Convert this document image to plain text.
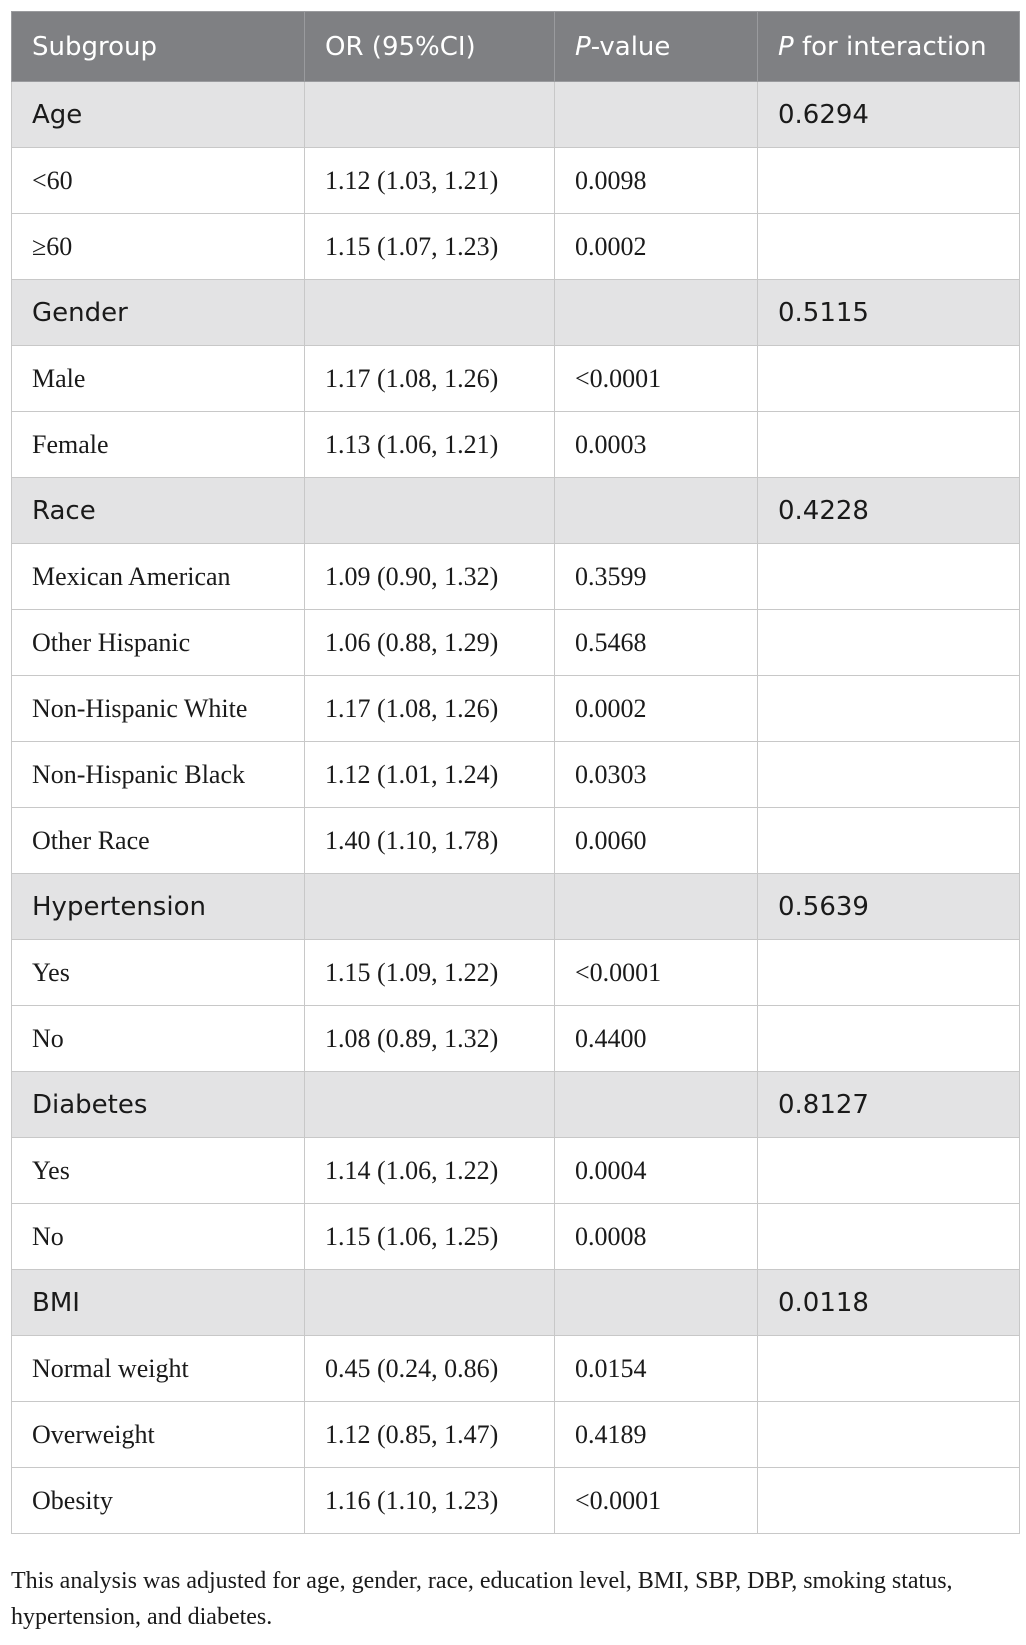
Subgroup	OR (95%CI)	P-value	P for interaction
Age			0.6294
<60	1.12 (1.03, 1.21)	0.0098	
≥60	1.15 (1.07, 1.23)	0.0002	
Gender			0.5115
Male	1.17 (1.08, 1.26)	<0.0001	
Female	1.13 (1.06, 1.21)	0.0003	
Race			0.4228
Mexican American	1.09 (0.90, 1.32)	0.3599	
Other Hispanic	1.06 (0.88, 1.29)	0.5468	
Non-Hispanic White	1.17 (1.08, 1.26)	0.0002	
Non-Hispanic Black	1.12 (1.01, 1.24)	0.0303	
Other Race	1.40 (1.10, 1.78)	0.0060	
Hypertension			0.5639
Yes	1.15 (1.09, 1.22)	<0.0001	
No	1.08 (0.89, 1.32)	0.4400	
Diabetes			0.8127
Yes	1.14 (1.06, 1.22)	0.0004	
No	1.15 (1.06, 1.25)	0.0008	
BMI			0.0118
Normal weight	0.45 (0.24, 0.86)	0.0154	
Overweight	1.12 (0.85, 1.47)	0.4189	
Obesity	1.16 (1.10, 1.23)	<0.0001	
This analysis was adjusted for age, gender, race, education level, BMI, SBP, DBP, smoking status, hypertension, and diabetes.
